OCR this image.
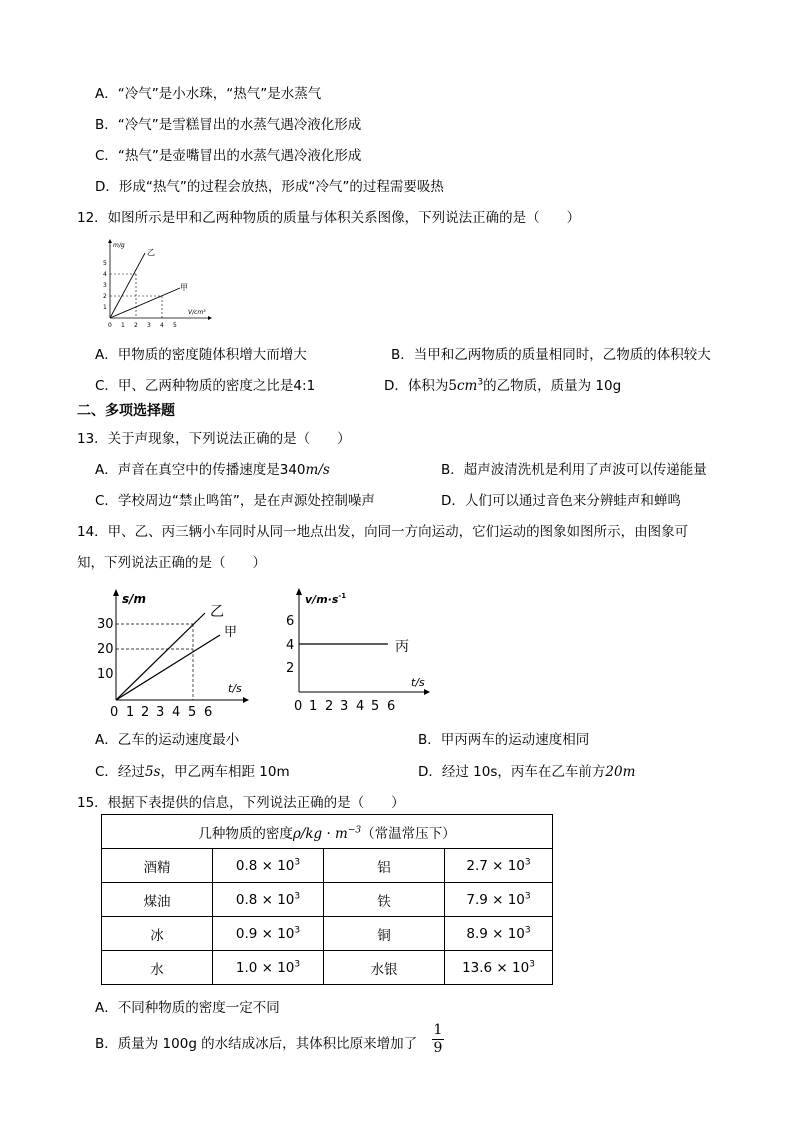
A．“冷气”是小水珠，“热气”是水蒸气
B．“冷气”是雪糕冒出的水蒸气遇冷液化形成
C．“热气”是壶嘴冒出的水蒸气遇冷液化形成
D．形成“热气”的过程会放热，形成“冷气”的过程需要吸热
12．如图所示是甲和乙两种物质的质量与体积关系图像，下列说法正确的是（　　）
乙
甲
m/g
V/cm³
1
2
3
4
5
0 1 2 3 4 5
A．甲物质的密度随体积增大而增大	B．当甲和乙两物质的质量相同时，乙物质的体积较大
C．甲、乙两种物质的密度之比是4:1	D．体积为$5cm^3$的乙物质，质量为 10g
二、多项选择题
13．关于声现象，下列说法正确的是（　　）
A．声音在真空中的传播速度是340m/s	B．超声波清洗机是利用了声波可以传递能量
C．学校周边“禁止鸣笛”，是在声源处控制噪声	D．人们可以通过音色来分辨蛙声和蝉鸣
14．甲、乙、丙三辆小车同时从同一地点出发，向同一方向运动，它们运动的图象如图所示，由图象可
知，下列说法正确的是（　　）
乙
甲
s/m
t/s
10
20
30
0 1 2 3 4 5 6
丙
$v/m\cdot s^{-1}$
t/s
2
4
6
0 1 2 3 4 5 6
A．乙车的运动速度最小	B．甲丙两车的运动速度相同
C．经过5s，甲乙两车相距 10m	D．经过 10s，丙车在乙车前方20m
15．根据下表提供的信息，下列说法正确的是（　　）
几种物质的密度$\rho/kg \cdot m^{-3}$（常温常压下）			
酒精	$0.8 \times 10^3$	铝	$2.7 \times 10^3$
煤油	$0.8 \times 10^3$	铁	$7.9 \times 10^3$
冰	$0.9 \times 10^3$	铜	$8.9 \times 10^3$
水	$1.0 \times 10^3$	水银	$13.6 \times 10^3$
A．不同种物质的密度一定不同
B．质量为 100g 的水结成冰后，其体积比原来增加了
1
9
